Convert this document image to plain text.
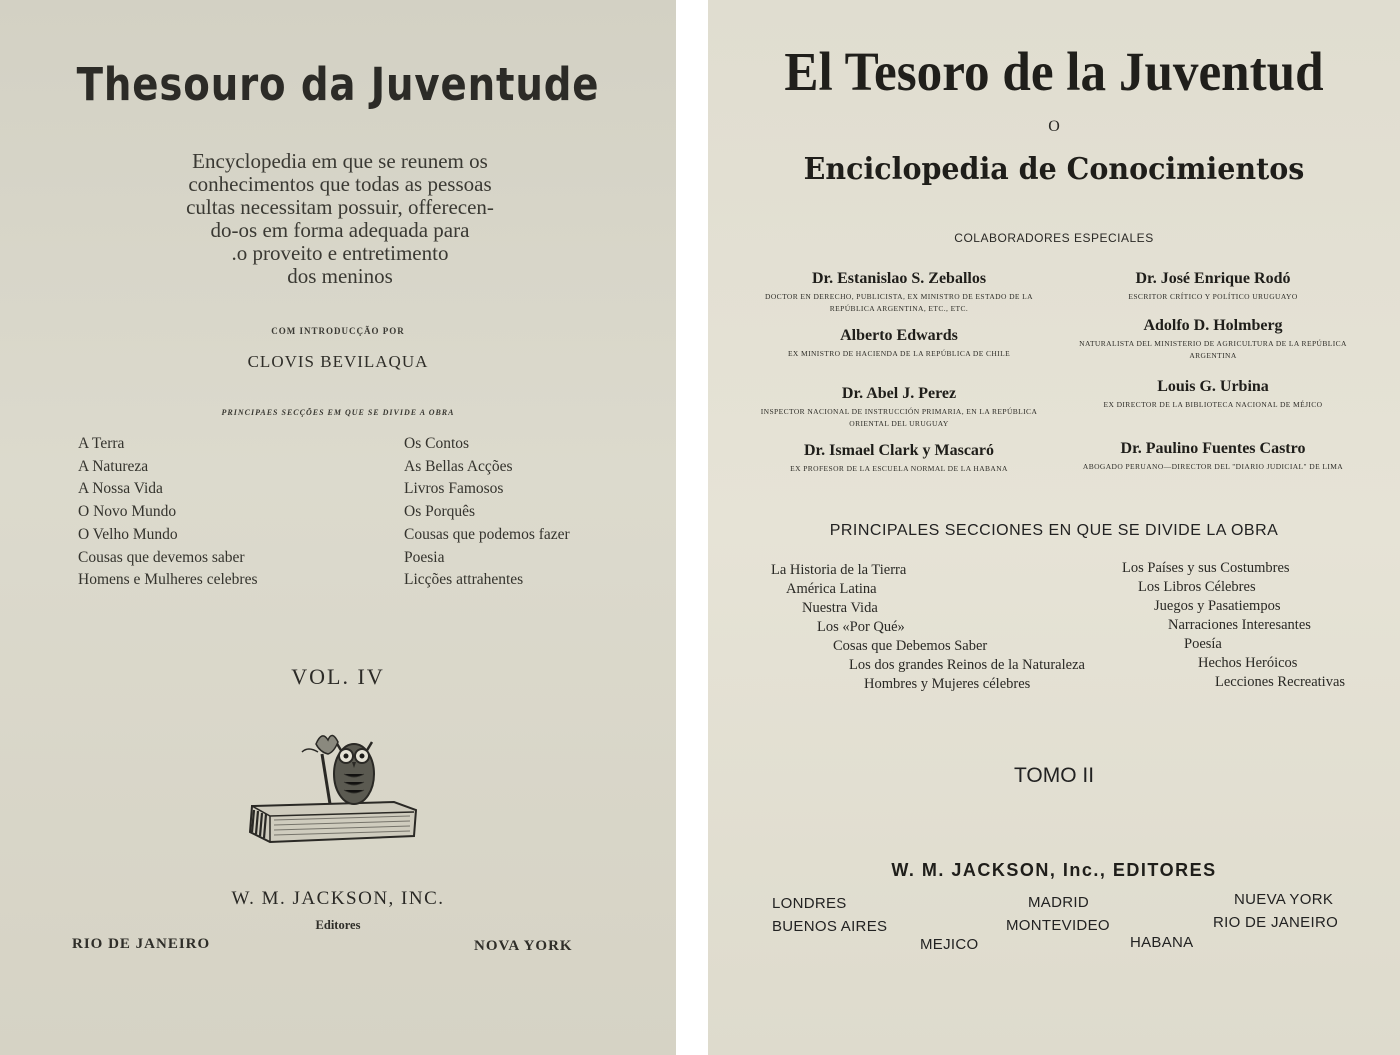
Thesouro da Juventude
Encyclopedia em que se reunem os
conhecimentos que todas as pessoas
cultas necessitam possuir, offerecen-
do-os em forma adequada para
.o proveito e entretimento
dos meninos
COM INTRODUCÇÃO POR
CLOVIS BEVILAQUA
PRINCIPAES SECÇÕES EM QUE SE DIVIDE A OBRA
A Terra
A Natureza
A Nossa Vida
O Novo Mundo
O Velho Mundo
Cousas que devemos saber
Homens e Mulheres celebres
Os Contos
As Bellas Acções
Livros Famosos
Os Porquês
Cousas que podemos fazer
Poesia
Licções attrahentes
VOL. IV
W. M. JACKSON, INC.
Editores
RIO DE JANEIRO	NOVA YORK
El Tesoro de la Juventud
O
Enciclopedia de Conocimientos
COLABORADORES ESPECIALES
Dr. Estanislao S. Zeballos
DOCTOR EN DERECHO, PUBLICISTA, EX MINISTRO DE ESTADO DE LA REPÚBLICA ARGENTINA, ETC., ETC.
Dr. José Enrique Rodó
ESCRITOR CRÍTICO Y POLÍTICO URUGUAYO
Alberto Edwards
EX MINISTRO DE HACIENDA DE LA REPÚBLICA DE CHILE
Adolfo D. Holmberg
NATURALISTA DEL MINISTERIO DE AGRICULTURA DE LA REPÚBLICA ARGENTINA
Dr. Abel J. Perez
INSPECTOR NACIONAL DE INSTRUCCIÓN PRIMARIA, EN LA REPÚBLICA ORIENTAL DEL URUGUAY
Louis G. Urbina
EX DIRECTOR DE LA BIBLIOTECA NACIONAL DE MÉJICO
Dr. Ismael Clark y Mascaró
EX PROFESOR DE LA ESCUELA NORMAL DE LA HABANA
Dr. Paulino Fuentes Castro
ABOGADO PERUANO—DIRECTOR DEL "DIARIO JUDICIAL" DE LIMA
PRINCIPALES SECCIONES EN QUE SE DIVIDE LA OBRA
La Historia de la Tierra
América Latina
Nuestra Vida
Los «Por Qué»
Cosas que Debemos Saber
Los dos grandes Reinos de la Naturaleza
Hombres y Mujeres célebres
Los Países y sus Costumbres
Los Libros Célebres
Juegos y Pasatiempos
Narraciones Interesantes
Poesía
Hechos Heróicos
Lecciones Recreativas
TOMO II
W. M. JACKSON, Inc., EDITORES
LONDRES
BUENOS AIRES
MEJICO
MADRID
MONTEVIDEO
HABANA
NUEVA YORK
RIO DE JANEIRO
